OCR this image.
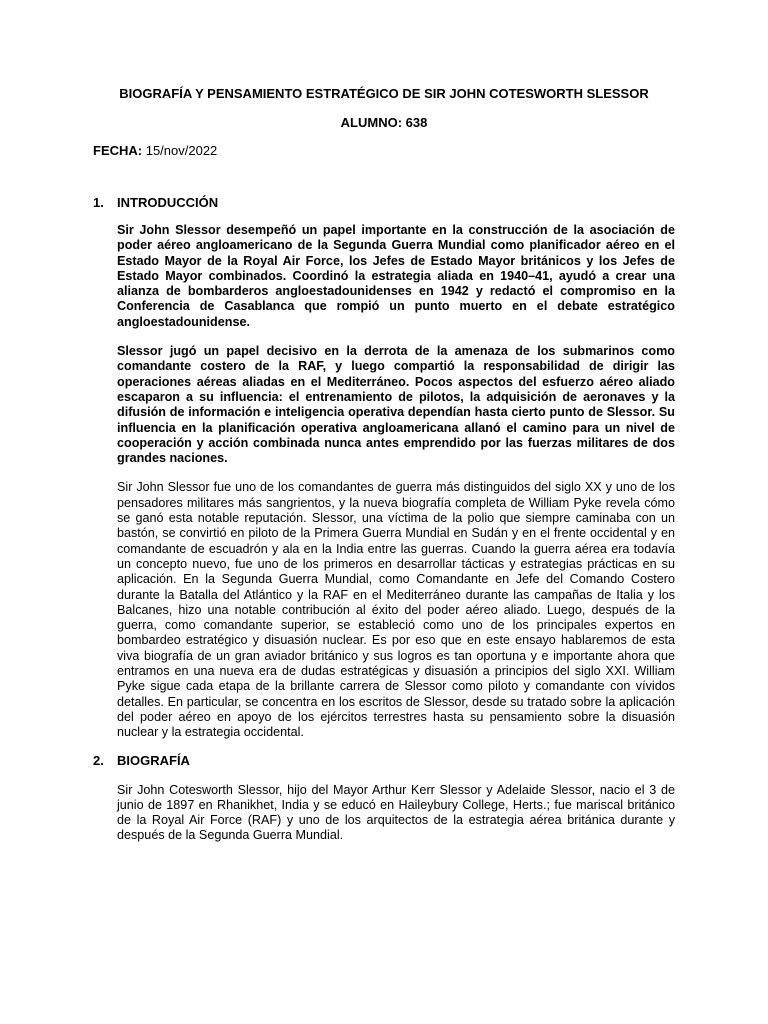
BIOGRAFÍA Y PENSAMIENTO ESTRATÉGICO DE SIR JOHN COTESWORTH SLESSOR

ALUMNO: 638

FECHA: 15/nov/2022

1.	INTRODUCCIÓN

Sir John Slessor desempeñó un papel importante en la construcción de la asociación de poder aéreo angloamericano de la Segunda Guerra Mundial como planificador aéreo en el Estado Mayor de la Royal Air Force, los Jefes de Estado Mayor británicos y los Jefes de Estado Mayor combinados. Coordinó la estrategia aliada en 1940–41, ayudó a crear una alianza de bombarderos angloestadounidenses en 1942 y redactó el compromiso en la Conferencia de Casablanca que rompió un punto muerto en el debate estratégico angloestadounidense.

Slessor jugó un papel decisivo en la derrota de la amenaza de los submarinos como comandante costero de la RAF, y luego compartió la responsabilidad de dirigir las operaciones aéreas aliadas en el Mediterráneo. Pocos aspectos del esfuerzo aéreo aliado escaparon a su influencia: el entrenamiento de pilotos, la adquisición de aeronaves y la difusión de información e inteligencia operativa dependían hasta cierto punto de Slessor. Su influencia en la planificación operativa angloamericana allanó el camino para un nivel de cooperación y acción combinada nunca antes emprendido por las fuerzas militares de dos grandes naciones.

Sir John Slessor fue uno de los comandantes de guerra más distinguidos del siglo XX y uno de los pensadores militares más sangrientos, y la nueva biografía completa de William Pyke revela cómo se ganó esta notable reputación. Slessor, una víctima de la polio que siempre caminaba con un bastón, se convirtió en piloto de la Primera Guerra Mundial en Sudán y en el frente occidental y en comandante de escuadrón y ala en la India entre las guerras. Cuando la guerra aérea era todavía un concepto nuevo, fue uno de los primeros en desarrollar tácticas y estrategias prácticas en su aplicación. En la Segunda Guerra Mundial, como Comandante en Jefe del Comando Costero durante la Batalla del Atlántico y la RAF en el Mediterráneo durante las campañas de Italia y los Balcanes, hizo una notable contribución al éxito del poder aéreo aliado. Luego, después de la guerra, como comandante superior, se estableció como uno de los principales expertos en bombardeo estratégico y disuasión nuclear. Es por eso que en este ensayo hablaremos de esta viva biografía de un gran aviador británico y sus logros es tan oportuna y e importante ahora que entramos en una nueva era de dudas estratégicas y disuasión a principios del siglo XXI. William Pyke sigue cada etapa de la brillante carrera de Slessor como piloto y comandante con vívidos detalles. En particular, se concentra en los escritos de Slessor, desde su tratado sobre la aplicación del poder aéreo en apoyo de los ejércitos terrestres hasta su pensamiento sobre la disuasión nuclear y la estrategia occidental.

2.	BIOGRAFÍA

Sir John Cotesworth Slessor, hijo del Mayor Arthur Kerr Slessor y Adelaide Slessor, nacio el 3 de junio de 1897 en Rhanikhet, India y se educó en Haileybury College, Herts.; fue mariscal británico de la Royal Air Force (RAF) y uno de los arquitectos de la estrategia aérea británica durante y después de la Segunda Guerra Mundial.
